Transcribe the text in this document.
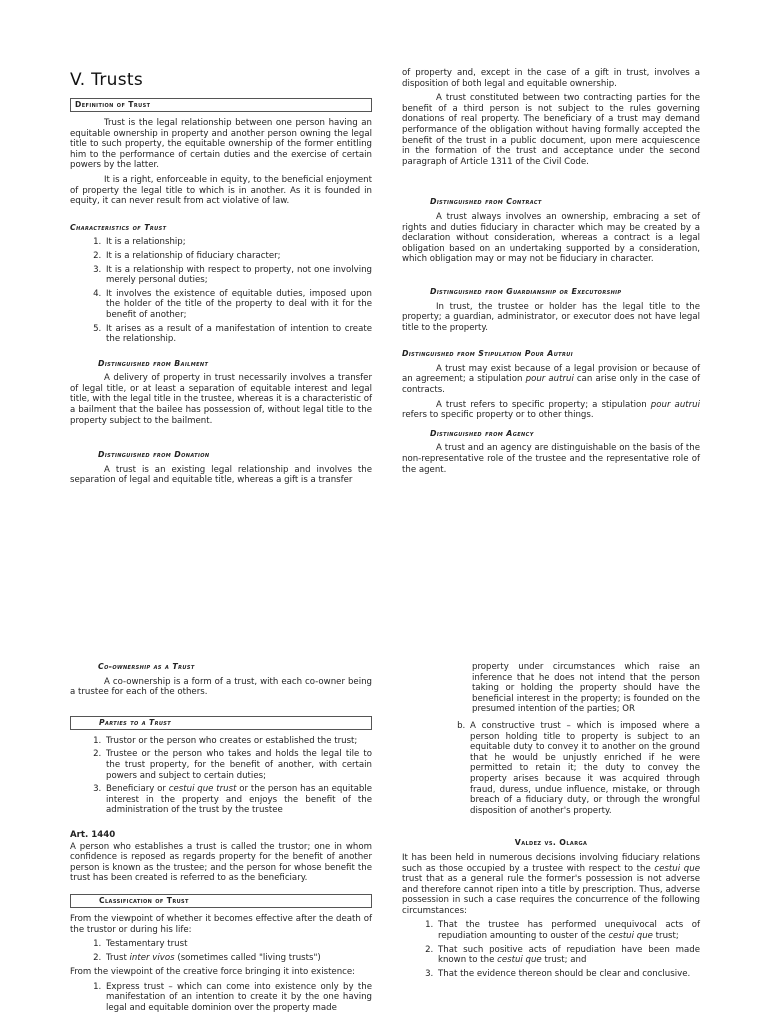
V. Trusts
Definition of Trust

Trust is the legal relationship between one person having an equitable ownership in property and another person owning the legal title to such property, the equitable ownership of the former entitling him to the performance of certain duties and the exercise of certain powers by the latter.

It is a right, enforceable in equity, to the beneficial enjoyment of property the legal title to which is in another. As it is founded in equity, it can never result from act violative of law.

Characteristics of Trust
1. It is a relationship;
2. It is a relationship of fiduciary character;
3. It is a relationship with respect to property, not one involving merely personal duties;
4. It involves the existence of equitable duties, imposed upon the holder of the title of the property to deal with it for the benefit of another;
5. It arises as a result of a manifestation of intention to create the relationship.
Distinguished from Bailment

A delivery of property in trust necessarily involves a transfer of legal title, or at least a separation of equitable interest and legal title, with the legal title in the trustee, whereas it is a characteristic of a bailment that the bailee has possession of, without legal title to the property subject to the bailment.

Distinguished from Donation

A trust is an existing legal relationship and involves the separation of legal and equitable title, whereas a gift is a transfer

of property and, except in the case of a gift in trust, involves a disposition of both legal and equitable ownership.

A trust constituted between two contracting parties for the benefit of a third person is not subject to the rules governing donations of real property. The beneficiary of a trust may demand performance of the obligation without having formally accepted the benefit of the trust in a public document, upon mere acquiescence in the formation of the trust and acceptance under the second paragraph of Article 1311 of the Civil Code.

Distinguished from Contract

A trust always involves an ownership, embracing a set of rights and duties fiduciary in character which may be created by a declaration without consideration, whereas a contract is a legal obligation based on an undertaking supported by a consideration, which obligation may or may not be fiduciary in character.

Distinguished from Guardianship or Executorship

In trust, the trustee or holder has the legal title to the property; a guardian, administrator, or executor does not have legal title to the property.

Distinguished from Stipulation Pour Autrui

A trust may exist because of a legal provision or because of an agreement; a stipulation pour autrui can arise only in the case of contracts.

A trust refers to specific property; a stipulation pour autrui refers to specific property or to other things.

Distinguished from Agency

A trust and an agency are distinguishable on the basis of the non-representative role of the trustee and the representative role of the agent.

Co-ownership as a Trust

A co-ownership is a form of a trust, with each co-owner being a trustee for each of the others.

Parties to a Trust
1. Trustor or the person who creates or established the trust;
2. Trustee or the person who takes and holds the legal tile to the trust property, for the benefit of another, with certain powers and subject to certain duties;
3. Beneficiary or cestui que trust or the person has an equitable interest in the property and enjoys the benefit of the administration of the trust by the trustee
Art. 1440

A person who establishes a trust is called the trustor; one in whom confidence is reposed as regards property for the benefit of another person is known as the trustee; and the person for whose benefit the trust has been created is referred to as the beneficiary.

Classification of Trust

From the viewpoint of whether it becomes effective after the death of the trustor or during his life:

1. Testamentary trust
2. Trust inter vivos (sometimes called "living trusts")

From the viewpoint of the creative force bringing it into existence:

1. Express trust – which can come into existence only by the manifestation of an intention to create it by the one having legal and equitable dominion over the property made

property under circumstances which raise an inference that he does not intend that the person taking or holding the property should have the beneficial interest in the property; is founded on the presumed intention of the parties; OR

b. A constructive trust – which is imposed where a person holding title to property is subject to an equitable duty to convey it to another on the ground that he would be unjustly enriched if he were permitted to retain it; the duty to convey the property arises because it was acquired through fraud, duress, undue influence, mistake, or through breach of a fiduciary duty, or through the wrongful disposition of another's property.
Valdez vs. Olarga

It has been held in numerous decisions involving fiduciary relations such as those occupied by a trustee with respect to the cestui que trust that as a general rule the former's possession is not adverse and therefore cannot ripen into a title by prescription. Thus, adverse possession in such a case requires the concurrence of the following circumstances:

1. That the trustee has performed unequivocal acts of repudiation amounting to ouster of the cestui que trust;
2. That such positive acts of repudiation have been made known to the cestui que trust; and
3. That the evidence thereon should be clear and conclusive.
